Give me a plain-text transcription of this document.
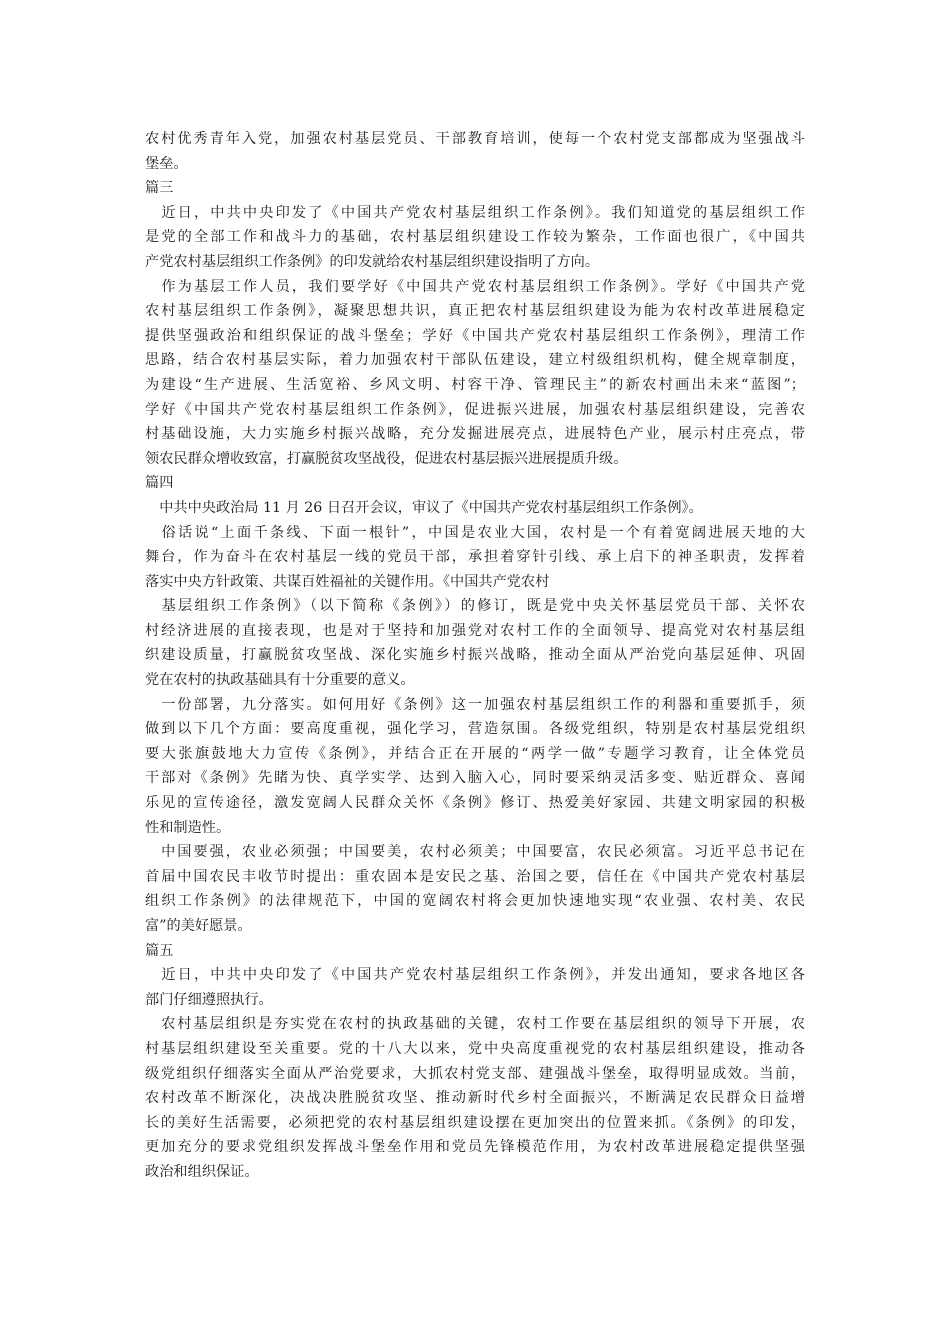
农村优秀青年入党，加强农村基层党员、干部教育培训，使每一个农村党支部都成为坚强战斗
堡垒。
篇三
　近日，中共中央印发了《中国共产党农村基层组织工作条例》。我们知道党的基层组织工作
是党的全部工作和战斗力的基础，农村基层组织建设工作较为繁杂，工作面也很广，《中国共
产党农村基层组织工作条例》的印发就给农村基层组织建设指明了方向。
　作为基层工作人员，我们要学好《中国共产党农村基层组织工作条例》。学好《中国共产党
农村基层组织工作条例》，凝聚思想共识，真正把农村基层组织建设为能为农村改革进展稳定
提供坚强政治和组织保证的战斗堡垒；学好《中国共产党农村基层组织工作条例》，理清工作
思路，结合农村基层实际，着力加强农村干部队伍建设，建立村级组织机构，健全规章制度，
为建设“生产进展、生活宽裕、乡风文明、村容干净、管理民主”的新农村画出未来“蓝图”；
学好《中国共产党农村基层组织工作条例》，促进振兴进展，加强农村基层组织建设，完善农
村基础设施，大力实施乡村振兴战略，充分发掘进展亮点，进展特色产业，展示村庄亮点，带
领农民群众增收致富，打赢脱贫攻坚战役，促进农村基层振兴进展提质升级。
篇四
　中共中央政治局 11 月 26 日召开会议，审议了《中国共产党农村基层组织工作条例》。
　俗话说“上面千条线、下面一根针”，中国是农业大国，农村是一个有着宽阔进展天地的大
舞台，作为奋斗在农村基层一线的党员干部，承担着穿针引线、承上启下的神圣职责，发挥着
落实中央方针政策、共谋百姓福祉的关键作用。《中国共产党农村
　基层组织工作条例》（以下简称《条例》）的修订，既是党中央关怀基层党员干部、关怀农
村经济进展的直接表现，也是对于坚持和加强党对农村工作的全面领导、提高党对农村基层组
织建设质量，打赢脱贫攻坚战、深化实施乡村振兴战略，推动全面从严治党向基层延伸、巩固
党在农村的执政基础具有十分重要的意义。
　一份部署，九分落实。如何用好《条例》这一加强农村基层组织工作的利器和重要抓手，须
做到以下几个方面：要高度重视，强化学习，营造氛围。各级党组织，特别是农村基层党组织
要大张旗鼓地大力宣传《条例》，并结合正在开展的“两学一做”专题学习教育，让全体党员
干部对《条例》先睹为快、真学实学、达到入脑入心，同时要采纳灵活多变、贴近群众、喜闻
乐见的宣传途径，激发宽阔人民群众关怀《条例》修订、热爱美好家园、共建文明家园的积极
性和制造性。
　中国要强，农业必须强；中国要美，农村必须美；中国要富，农民必须富。习近平总书记在
首届中国农民丰收节时提出：重农固本是安民之基、治国之要，信任在《中国共产党农村基层
组织工作条例》的法律规范下，中国的宽阔农村将会更加快速地实现“农业强、农村美、农民
富”的美好愿景。
篇五
　近日，中共中央印发了《中国共产党农村基层组织工作条例》，并发出通知，要求各地区各
部门仔细遵照执行。
　农村基层组织是夯实党在农村的执政基础的关键，农村工作要在基层组织的领导下开展，农
村基层组织建设至关重要。党的十八大以来，党中央高度重视党的农村基层组织建设，推动各
级党组织仔细落实全面从严治党要求，大抓农村党支部、建强战斗堡垒，取得明显成效。当前，
农村改革不断深化，决战决胜脱贫攻坚、推动新时代乡村全面振兴，不断满足农民群众日益增
长的美好生活需要，必须把党的农村基层组织建设摆在更加突出的位置来抓。《条例》的印发，
更加充分的要求党组织发挥战斗堡垒作用和党员先锋模范作用，为农村改革进展稳定提供坚强
政治和组织保证。
